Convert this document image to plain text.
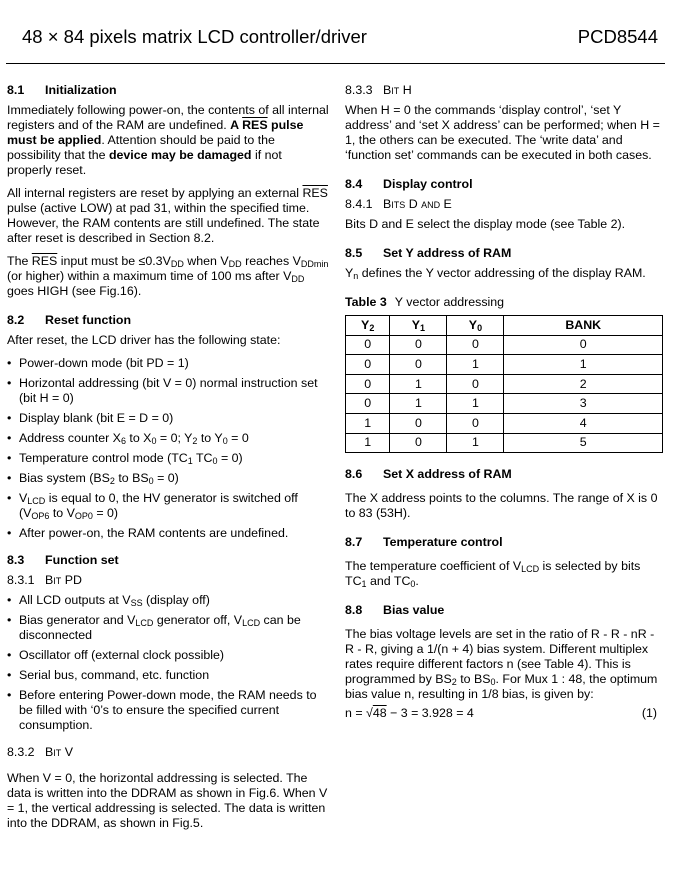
48 × 84 pixels matrix LCD controller/driver	PCD8544
8.1 Initialization

Immediately following power-on, the contents of all internal registers and of the RAM are undefined. A $\overline{RES}$ pulse must be applied. Attention should be paid to the possibility that the device may be damaged if not properly reset.

All internal registers are reset by applying an external $\overline{RES}$ pulse (active LOW) at pad 31, within the specified time. However, the RAM contents are still undefined. The state after reset is described in Section 8.2.

The $\overline{RES}$ input must be $\le 0.3V_{DD}$ when $V_{DD}$ reaches $V_{DDmin}$ (or higher) within a maximum time of 100 ms after $V_{DD}$ goes HIGH (see Fig.16).

8.2 Reset function

After reset, the LCD driver has the following state:

• Power-down mode (bit PD = 1)
• Horizontal addressing (bit V = 0) normal instruction set (bit H = 0)
• Display blank (bit E = D = 0)
• Address counter $X_6$ to $X_0 = 0$; $Y_2$ to $Y_0 = 0$
• Temperature control mode ($TC_1$ $TC_0 = 0$)
• Bias system ($BS_2$ to $BS_0 = 0$)
• $V_{LCD}$ is equal to 0, the HV generator is switched off ($V_{OP6}$ to $V_{OP0} = 0$)
• After power-on, the RAM contents are undefined.
8.3 Function set
8.3.1 Bit PD
• All LCD outputs at $V_{SS}$ (display off)
• Bias generator and $V_{LCD}$ generator off, $V_{LCD}$ can be disconnected
• Oscillator off (external clock possible)
• Serial bus, command, etc. function
• Before entering Power-down mode, the RAM needs to be filled with ‘0’s to ensure the specified current consumption.
8.3.2 Bit V

When V = 0, the horizontal addressing is selected. The data is written into the DDRAM as shown in Fig.6. When V = 1, the vertical addressing is selected. The data is written into the DDRAM, as shown in Fig.5.

8.3.3 Bit H

When H = 0 the commands ‘display control’, ‘set Y address’ and ‘set X address’ can be performed; when H = 1, the others can be executed. The ‘write data’ and ‘function set’ commands can be executed in both cases.

8.4 Display control
8.4.1 Bits D and E

Bits D and E select the display mode (see Table 2).

8.5 Set Y address of RAM

$Y_n$ defines the Y vector addressing of the display RAM.

Table 3 Y vector addressing
$Y_2$	$Y_1$	$Y_0$	BANK
0	0	0	0
0	0	1	1
0	1	0	2
0	1	1	3
1	0	0	4
1	0	1	5
8.6 Set X address of RAM

The X address points to the columns. The range of X is 0 to 83 (53H).

8.7 Temperature control

The temperature coefficient of $V_{LCD}$ is selected by bits $TC_1$ and $TC_0$.

8.8 Bias value

The bias voltage levels are set in the ratio of R - R - nR - R - R, giving a 1/(n + 4) bias system. Different multiplex rates require different factors n (see Table 4). This is programmed by $BS_2$ to $BS_0$. For Mux 1 : 48, the optimum bias value n, resulting in 1/8 bias, is given by:

n = √48 − 3 = 3.928 = 4	(1)
